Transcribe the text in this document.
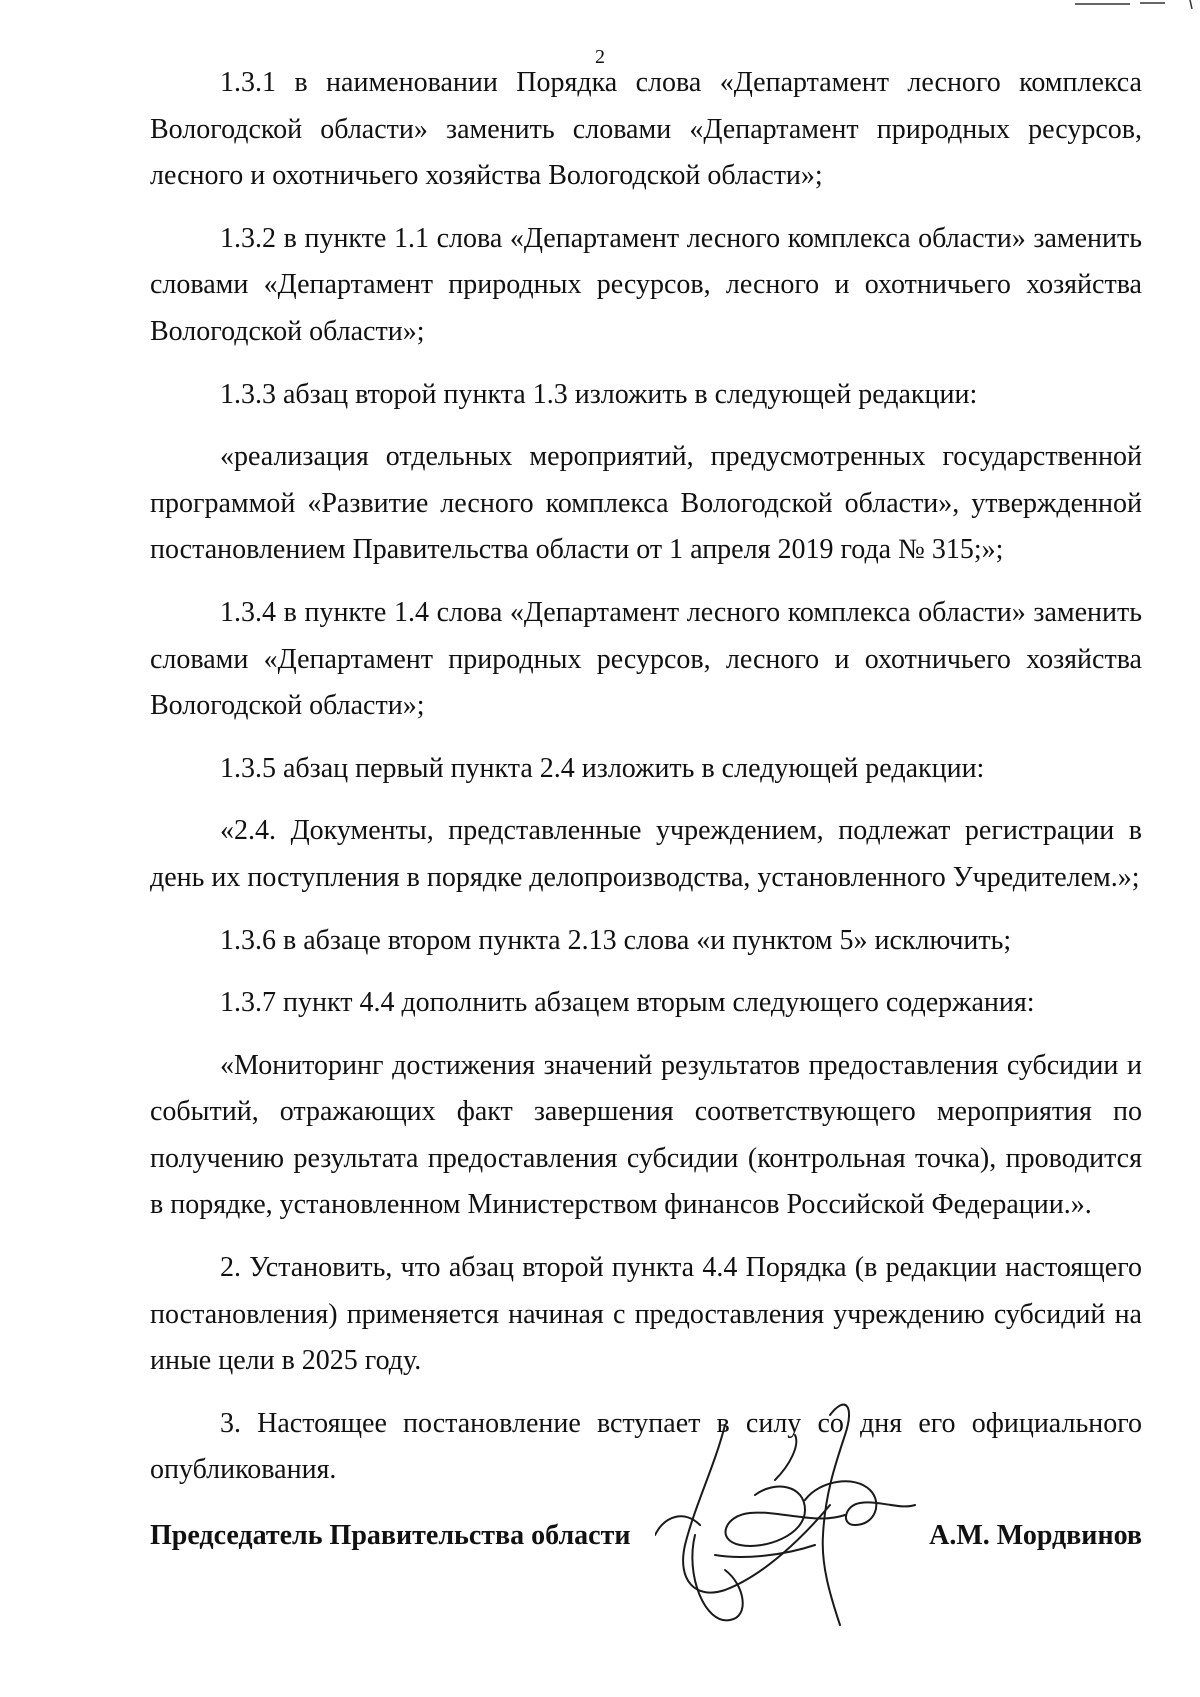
2

1.3.1 в наименовании Порядка слова «Департамент лесного комплекса Вологодской области» заменить словами «Департамент природных ресурсов, лесного и охотничьего хозяйства Вологодской области»;

1.3.2 в пункте 1.1 слова «Департамент лесного комплекса области» заменить словами «Департамент природных ресурсов, лесного и охотничьего хозяйства Вологодской области»;

1.3.3 абзац второй пункта 1.3 изложить в следующей редакции:

«реализация отдельных мероприятий, предусмотренных государственной программой «Развитие лесного комплекса Вологодской области», утвержденной постановлением Правительства области от 1 апреля 2019 года № 315;»;

1.3.4 в пункте 1.4 слова «Департамент лесного комплекса области» заменить словами «Департамент природных ресурсов, лесного и охотничьего хозяйства Вологодской области»;

1.3.5 абзац первый пункта 2.4 изложить в следующей редакции:

«2.4. Документы, представленные учреждением, подлежат регистрации в день их поступления в порядке делопроизводства, установленного Учредителем.»;

1.3.6 в абзаце втором пункта 2.13 слова «и пунктом 5» исключить;

1.3.7 пункт 4.4 дополнить абзацем вторым следующего содержания:

«Мониторинг достижения значений результатов предоставления субсидии и событий, отражающих факт завершения соответствующего мероприятия по получению результата предоставления субсидии (контрольная точка), проводится в порядке, установленном Министерством финансов Российской Федерации.».

2. Установить, что абзац второй пункта 4.4 Порядка (в редакции настоящего постановления) применяется начиная с предоставления учреждению субсидий на иные цели в 2025 году.

3. Настоящее постановление вступает в силу со дня его официального опубликования.

Председатель Правительства области	А.М. Мордвинов
